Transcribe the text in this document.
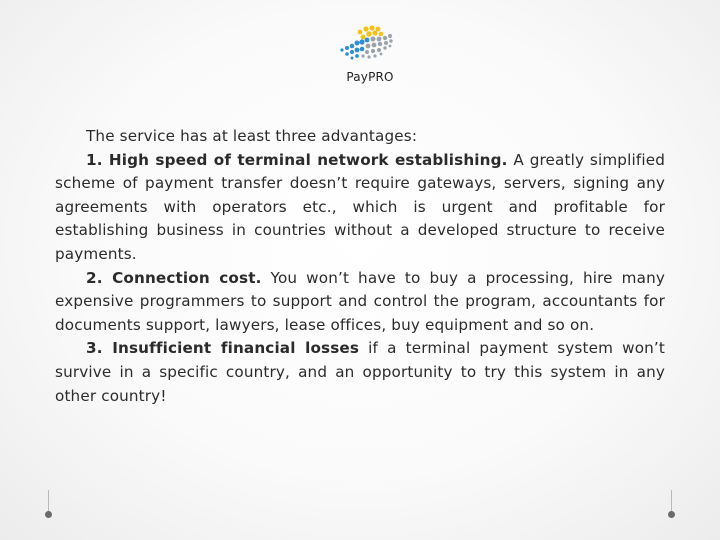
PayPRO

The service has at least three advantages:

1. High speed of terminal network establishing. A greatly simplified scheme of payment transfer doesn’t require gateways, servers, signing any agreements with operators etc., which is urgent and profitable for establishing business in countries without a developed structure to receive payments.

2. Connection cost. You won’t have to buy a processing, hire many expensive programmers to support and control the program, accountants for documents support, lawyers, lease offices, buy equipment and so on.

3. Insufficient financial losses if a terminal payment system won’t survive in a specific country, and an opportunity to try this system in any other country!
